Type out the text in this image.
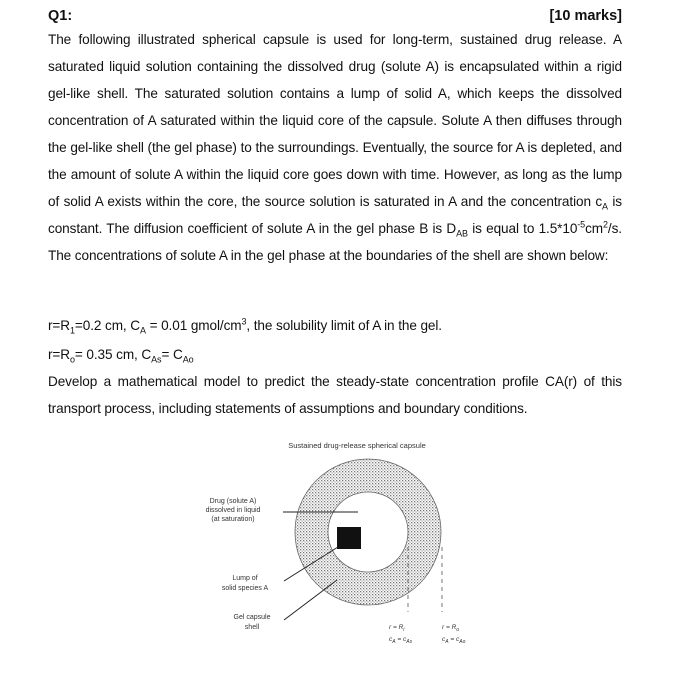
Q1:	[10 marks]
The following illustrated spherical capsule is used for long-term, sustained drug release. A saturated liquid solution containing the dissolved drug (solute A) is encapsulated within a rigid gel-like shell. The saturated solution contains a lump of solid A, which keeps the dissolved concentration of A saturated within the liquid core of the capsule. Solute A then diffuses through the gel-like shell (the gel phase) to the surroundings. Eventually, the source for A is depleted, and the amount of solute A within the liquid core goes down with time. However, as long as the lump of solid A exists within the core, the source solution is saturated in A and the concentration $c_A$ is constant. The diffusion coefficient of solute A in the gel phase B is $D_{AB}$ is equal to $1.5*10^{-5}cm^2/s$. The concentrations of solute A in the gel phase at the boundaries of the shell are shown below:
$r=R_1=0.2$ cm, $C_A = 0.01$ gmol/$cm^3$, the solubility limit of A in the gel.
$r=R_o= 0.35$ cm, $C_{As}= C_{Ao}$
Develop a mathematical model to predict the steady-state concentration profile CA(r) of this transport process, including statements of assumptions and boundary conditions.
Sustained drug-release spherical capsule
Drug (solute A)
dissolved in liquid
(at saturation)
Lump of
solid species A
Gel capsule
shell	$r = R_i$
$c_A = c_{As}$
$r = R_o$
$c_A = c_{Ao}$
